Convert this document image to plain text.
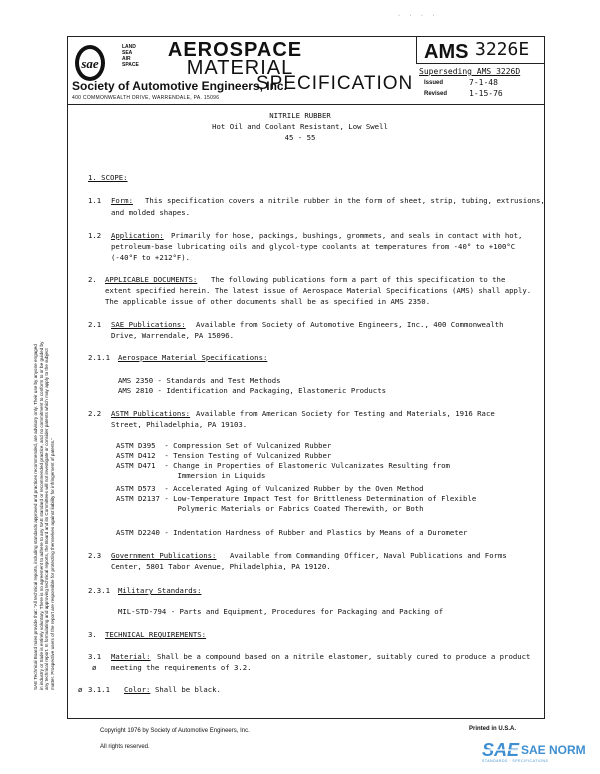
· · · ·
sae
LAND
SEA
AIR
SPACE
AEROSPACE
MATERIAL
SPECIFICATION
Society of Automotive Engineers, Inc.
400 COMMONWEALTH DRIVE, WARRENDALE, PA. 15096
AMS 3226E
Superseding AMS 3226D
Issued	7-1-48
Revised	1-15-76
SAE Technical Board rules provide that: "All technical reports, including standards approved and practices recommended, are advisory only. Their use by anyone engaged in industry or trade is entirely voluntary. There is no agreement to adhere to any SAE standard or recommended practice, and no commitment to conform to or be guided by any technical report. In formulating and approving technical reports, the Board and its Committees will not investigate or consider patents which may apply to the subject matter. Prospective users of the report are responsible for protecting themselves against liability for infringement of patents."
NITRILE RUBBER
Hot Oil and Coolant Resistant, Low Swell
45 - 55
1. SCOPE:
1.1 Form: This specification covers a nitrile rubber in the form of sheet, strip, tubing, extrusions,
and molded shapes.
1.2 Application: Primarily for hose, packings, bushings, grommets, and seals in contact with hot,
petroleum-base lubricating oils and glycol-type coolants at temperatures from -40° to +100°C
(-40°F to +212°F).
2. APPLICABLE DOCUMENTS: The following publications form a part of this specification to the
extent specified herein. The latest issue of Aerospace Material Specifications (AMS) shall apply.
The applicable issue of other documents shall be as specified in AMS 2350.
2.1 SAE Publications: Available from Society of Automotive Engineers, Inc., 400 Commonwealth
Drive, Warrendale, PA 15096.
2.1.1 Aerospace Material Specifications:
AMS 2350 - Standards and Test Methods
AMS 2810 - Identification and Packaging, Elastomeric Products
2.2 ASTM Publications: Available from American Society for Testing and Materials, 1916 Race
Street, Philadelphia, PA 19103.
ASTM D395  - Compression Set of Vulcanized Rubber
ASTM D412  - Tension Testing of Vulcanized Rubber
ASTM D471  - Change in Properties of Elastomeric Vulcanizates Resulting from
Immersion in Liquids
ASTM D573  - Accelerated Aging of Vulcanized Rubber by the Oven Method
ASTM D2137 - Low-Temperature Impact Test for Brittleness Determination of Flexible
Polymeric Materials or Fabrics Coated Therewith, or Both
ASTM D2240 - Indentation Hardness of Rubber and Plastics by Means of a Durometer
2.3 Government Publications: Available from Commanding Officer, Naval Publications and Forms
Center, 5801 Tabor Avenue, Philadelphia, PA 19120.
2.3.1 Military Standards:
MIL-STD-794 - Parts and Equipment, Procedures for Packaging and Packing of
3. TECHNICAL REQUIREMENTS:
3.1 Material: Shall be a compound based on a nitrile elastomer, suitably cured to produce a product
ø meeting the requirements of 3.2.
ø 3.1.1 Color: Shall be black.
Copyright 1976 by Society of Automotive Engineers, Inc.
All rights reserved.
Printed in U.S.A.
SAE SAE NORM
STANDARDS · SPECIFICATIONS
